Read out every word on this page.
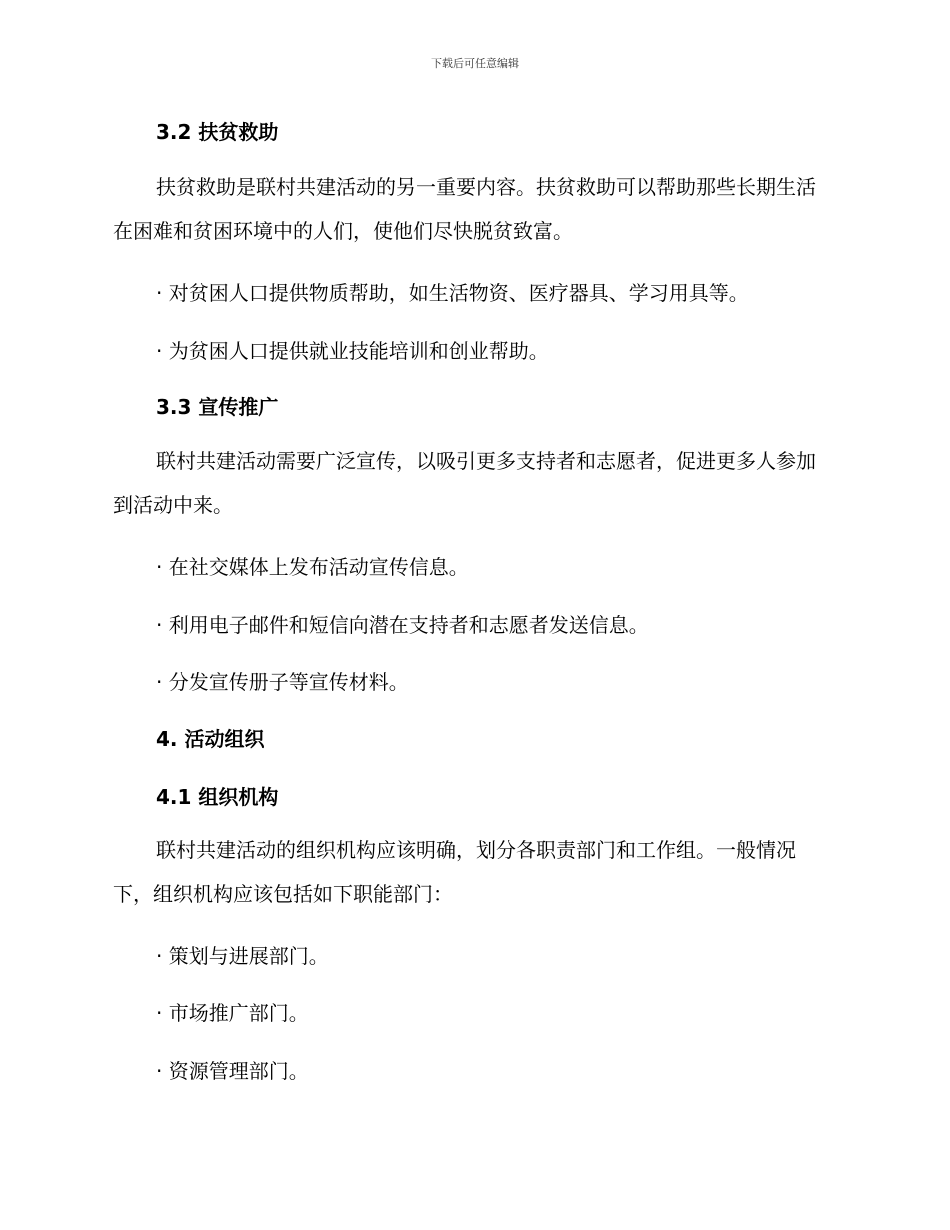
下载后可任意编辑
3.2 扶贫救助
扶贫救助是联村共建活动的另一重要内容。扶贫救助可以帮助那些长期生活在困难和贫困环境中的人们，使他们尽快脱贫致富。
· 对贫困人口提供物质帮助，如生活物资、医疗器具、学习用具等。
· 为贫困人口提供就业技能培训和创业帮助。
3.3 宣传推广
联村共建活动需要广泛宣传，以吸引更多支持者和志愿者，促进更多人参加到活动中来。
· 在社交媒体上发布活动宣传信息。
· 利用电子邮件和短信向潜在支持者和志愿者发送信息。
· 分发宣传册子等宣传材料。
4. 活动组织
4.1 组织机构
联村共建活动的组织机构应该明确，划分各职责部门和工作组。一般情况下，组织机构应该包括如下职能部门：
· 策划与进展部门。
· 市场推广部门。
· 资源管理部门。
